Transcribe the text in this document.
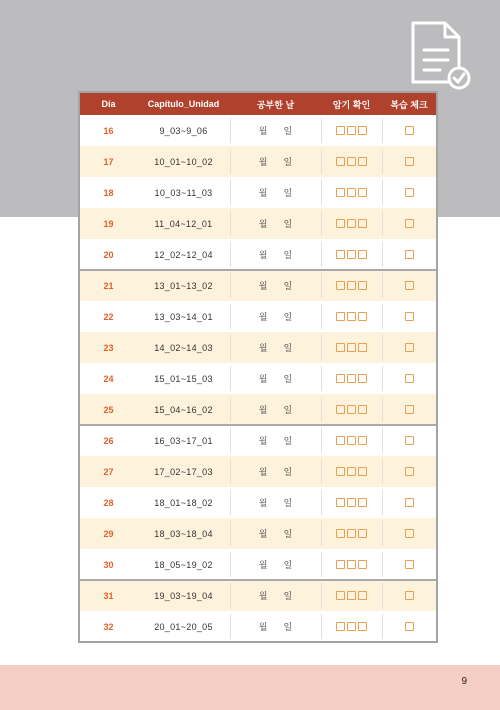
9
Día	Capítulo_Unidad	공부한 날	암기 확인	복습 체크
16	9_03~9_06	월 일
17	10_01~10_02	월 일
18	10_03~11_03	월 일
19	11_04~12_01	월 일
20	12_02~12_04	월 일
21	13_01~13_02	월 일
22	13_03~14_01	월 일
23	14_02~14_03	월 일
24	15_01~15_03	월 일
25	15_04~16_02	월 일
26	16_03~17_01	월 일
27	17_02~17_03	월 일
28	18_01~18_02	월 일
29	18_03~18_04	월 일
30	18_05~19_02	월 일
31	19_03~19_04	월 일
32	20_01~20_05	월 일
